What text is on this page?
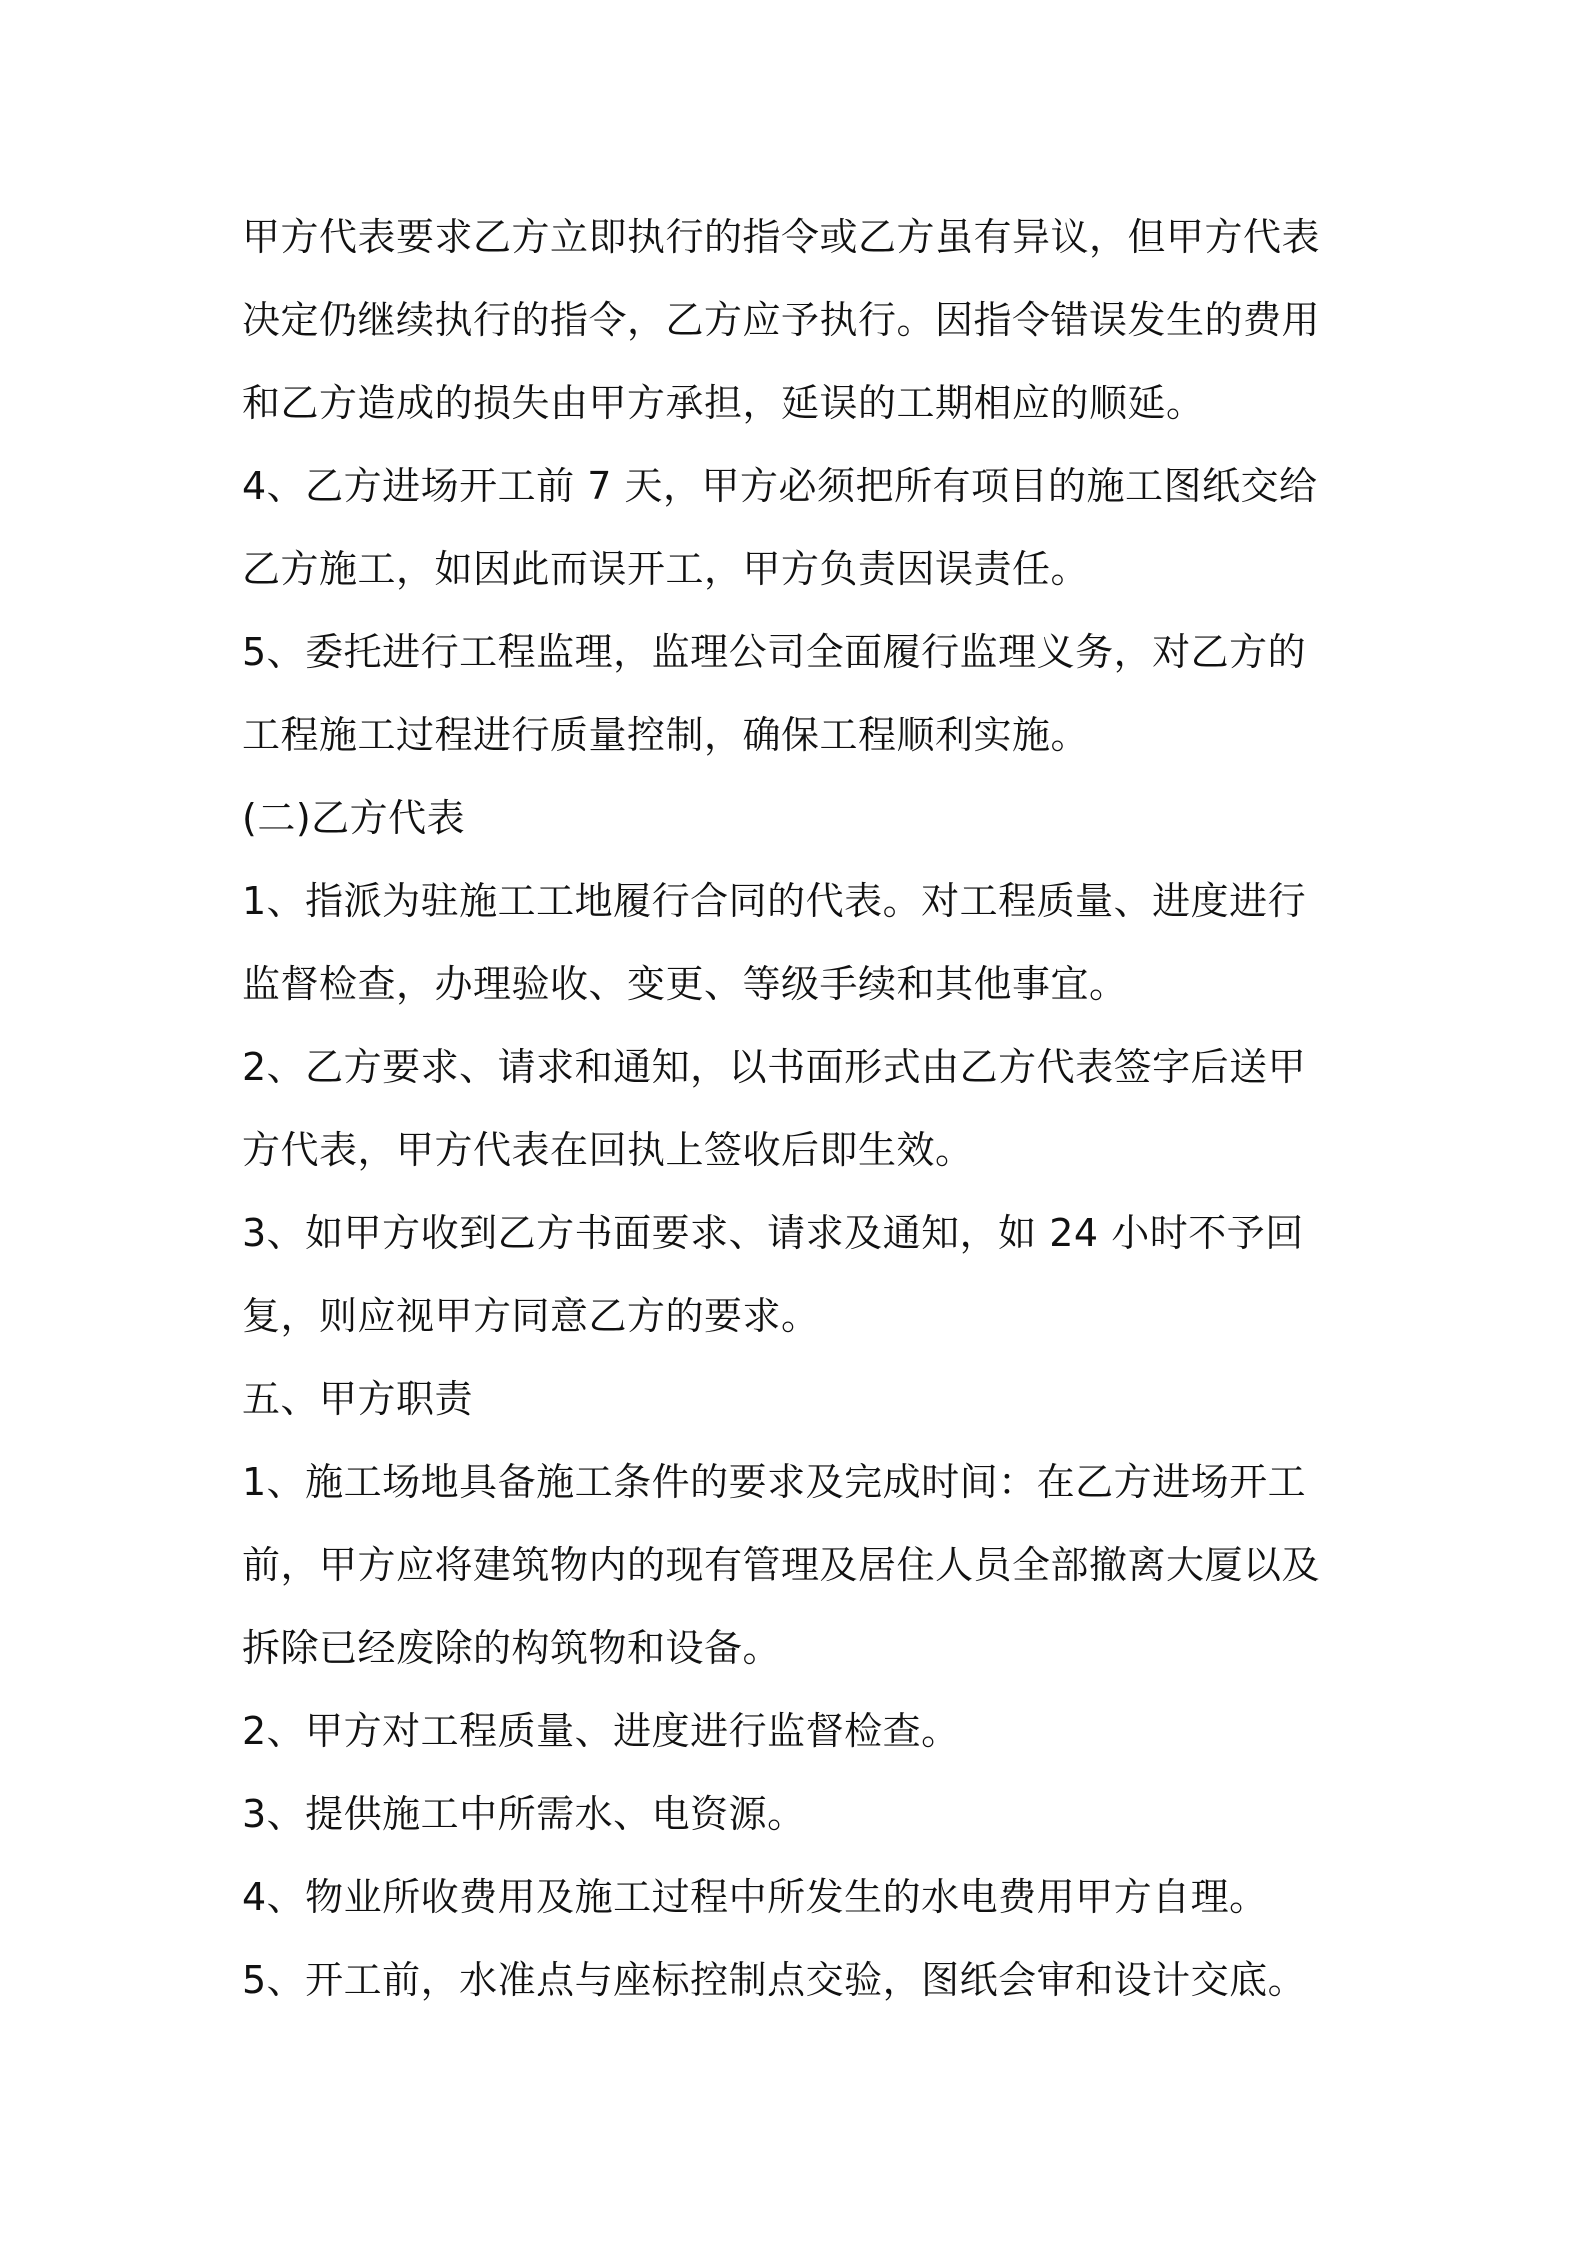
甲方代表要求乙方立即执行的指令或乙方虽有异议，但甲方代表
决定仍继续执行的指令，乙方应予执行。因指令错误发生的费用
和乙方造成的损失由甲方承担，延误的工期相应的顺延。
4、乙方进场开工前 7 天，甲方必须把所有项目的施工图纸交给
乙方施工，如因此而误开工，甲方负责因误责任。
5、委托进行工程监理，监理公司全面履行监理义务，对乙方的
工程施工过程进行质量控制，确保工程顺利实施。
(二)乙方代表
1、指派为驻施工工地履行合同的代表。对工程质量、进度进行
监督检查，办理验收、变更、等级手续和其他事宜。
2、乙方要求、请求和通知，以书面形式由乙方代表签字后送甲
方代表，甲方代表在回执上签收后即生效。
3、如甲方收到乙方书面要求、请求及通知，如 24 小时不予回
复，则应视甲方同意乙方的要求。
五、甲方职责
1、施工场地具备施工条件的要求及完成时间：在乙方进场开工
前，甲方应将建筑物内的现有管理及居住人员全部撤离大厦以及
拆除已经废除的构筑物和设备。
2、甲方对工程质量、进度进行监督检查。
3、提供施工中所需水、电资源。
4、物业所收费用及施工过程中所发生的水电费用甲方自理。
5、开工前，水准点与座标控制点交验，图纸会审和设计交底。
